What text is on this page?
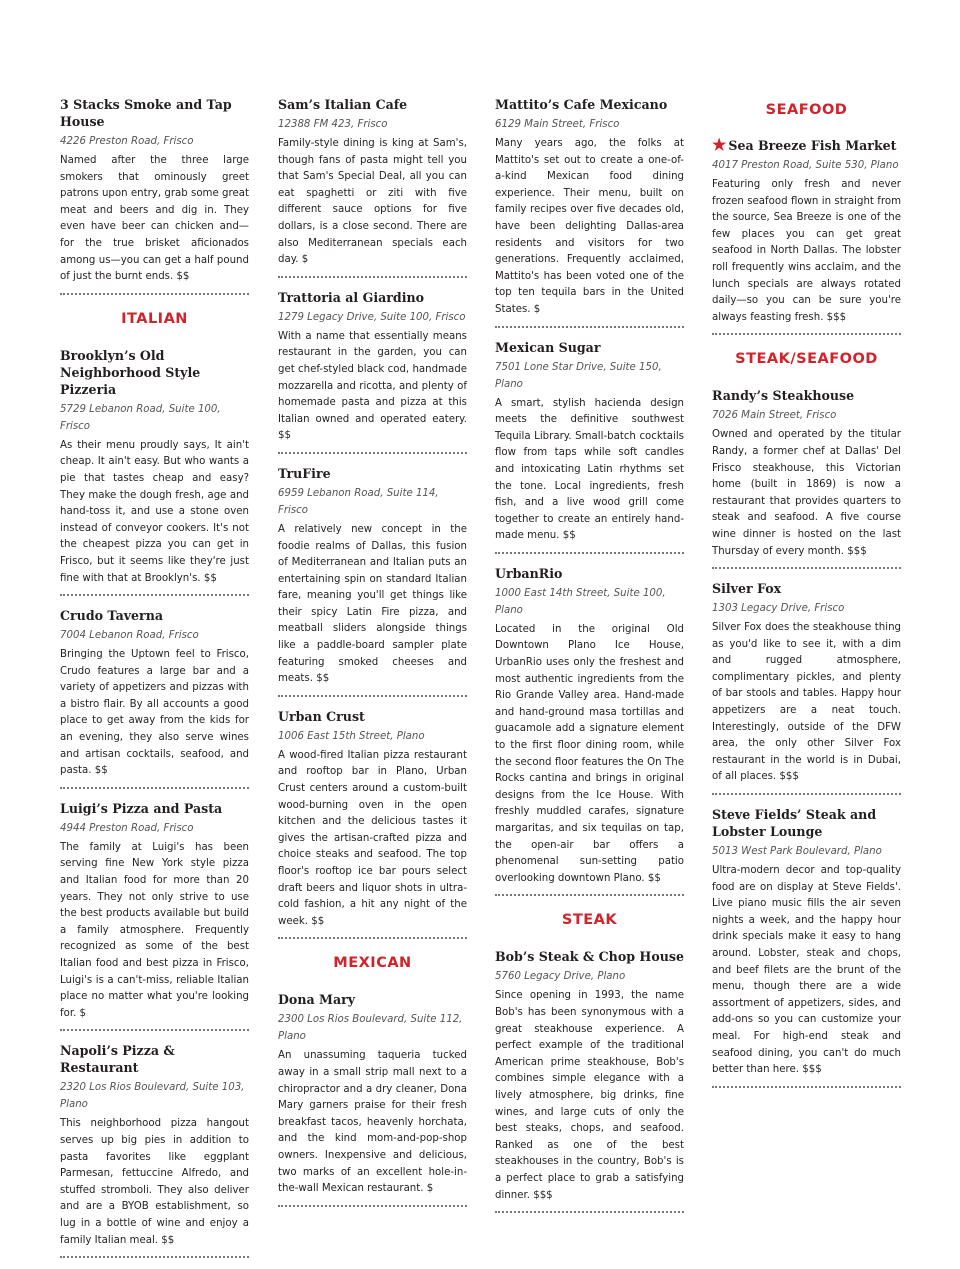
3 Stacks Smoke and Tap House

4226 Preston Road, Frisco

Named after the three large smokers that ominously greet patrons upon entry, grab some great meat and beers and dig in. They even have beer can chicken and—for the true brisket aficionados among us—you can get a half pound of just the burnt ends. $$

ITALIAN
Brooklyn’s Old Neighborhood Style Pizzeria

5729 Lebanon Road, Suite 100, Frisco

As their menu proudly says, It ain't cheap. It ain't easy. But who wants a pie that tastes cheap and easy? They make the dough fresh, age and hand-toss it, and use a stone oven instead of conveyor cookers. It's not the cheapest pizza you can get in Frisco, but it seems like they're just fine with that at Brooklyn's. $$

Crudo Taverna

7004 Lebanon Road, Frisco

Bringing the Uptown feel to Frisco, Crudo features a large bar and a variety of appetizers and pizzas with a bistro flair. By all accounts a good place to get away from the kids for an evening, they also serve wines and artisan cocktails, seafood, and pasta. $$

Luigi’s Pizza and Pasta

4944 Preston Road, Frisco

The family at Luigi's has been serving fine New York style pizza and Italian food for more than 20 years. They not only strive to use the best products available but build a family atmosphere. Frequently recognized as some of the best Italian food and best pizza in Frisco, Luigi's is a can't-miss, reliable Italian place no matter what you're looking for. $

Napoli’s Pizza & Restaurant

2320 Los Rios Boulevard, Suite 103, Plano

This neighborhood pizza hangout serves up big pies in addition to pasta favorites like eggplant Parmesan, fettuccine Alfredo, and stuffed stromboli. They also deliver and are a BYOB establishment, so lug in a bottle of wine and enjoy a family Italian meal. $$

Sam’s Italian Cafe

12388 FM 423, Frisco

Family-style dining is king at Sam's, though fans of pasta might tell you that Sam's Special Deal, all you can eat spaghetti or ziti with five different sauce options for five dollars, is a close second. There are also Mediterranean specials each day. $

Trattoria al Giardino

1279 Legacy Drive, Suite 100, Frisco

With a name that essentially means restaurant in the garden, you can get chef-styled black cod, handmade mozzarella and ricotta, and plenty of homemade pasta and pizza at this Italian owned and operated eatery. $$

TruFire

6959 Lebanon Road, Suite 114, Frisco

A relatively new concept in the foodie realms of Dallas, this fusion of Mediterranean and Italian puts an entertaining spin on standard Italian fare, meaning you'll get things like their spicy Latin Fire pizza, and meatball sliders alongside things like a paddle-board sampler plate featuring smoked cheeses and meats. $$

Urban Crust

1006 East 15th Street, Plano

A wood-fired Italian pizza restaurant and rooftop bar in Plano, Urban Crust centers around a custom-built wood-burning oven in the open kitchen and the delicious tastes it gives the artisan-crafted pizza and choice steaks and seafood. The top floor's rooftop ice bar pours select draft beers and liquor shots in ultra-cold fashion, a hit any night of the week. $$

MEXICAN
Dona Mary

2300 Los Rios Boulevard, Suite 112, Plano

An unassuming taqueria tucked away in a small strip mall next to a chiropractor and a dry cleaner, Dona Mary garners praise for their fresh breakfast tacos, heavenly horchata, and the kind mom-and-pop-shop owners. Inexpensive and delicious, two marks of an excellent hole-in-the-wall Mexican restaurant. $

Mattito’s Cafe Mexicano

6129 Main Street, Frisco

Many years ago, the folks at Mattito's set out to create a one-of-a-kind Mexican food dining experience. Their menu, built on family recipes over five decades old, have been delighting Dallas-area residents and visitors for two generations. Frequently acclaimed, Mattito's has been voted one of the top ten tequila bars in the United States. $

Mexican Sugar

7501 Lone Star Drive, Suite 150, Plano

A smart, stylish hacienda design meets the definitive southwest Tequila Library. Small-batch cocktails flow from taps while soft candles and intoxicating Latin rhythms set the tone. Local ingredients, fresh fish, and a live wood grill come together to create an entirely hand-made menu. $$

UrbanRio

1000 East 14th Street, Suite 100, Plano

Located in the original Old Downtown Plano Ice House, UrbanRio uses only the freshest and most authentic ingredients from the Rio Grande Valley area. Hand-made and hand-ground masa tortillas and guacamole add a signature element to the first floor dining room, while the second floor features the On The Rocks cantina and brings in original designs from the Ice House. With freshly muddled carafes, signature margaritas, and six tequilas on tap, the open-air bar offers a phenomenal sun-setting patio overlooking downtown Plano. $$

STEAK
Bob’s Steak & Chop House

5760 Legacy Drive, Plano

Since opening in 1993, the name Bob's has been synonymous with a great steakhouse experience. A perfect example of the traditional American prime steakhouse, Bob's combines simple elegance with a lively atmosphere, big drinks, fine wines, and large cuts of only the best steaks, chops, and seafood. Ranked as one of the best steakhouses in the country, Bob's is a perfect place to grab a satisfying dinner. $$$

SEAFOOD
★ Sea Breeze Fish Market

4017 Preston Road, Suite 530, Plano

Featuring only fresh and never frozen seafood flown in straight from the source, Sea Breeze is one of the few places you can get great seafood in North Dallas. The lobster roll frequently wins acclaim, and the lunch specials are always rotated daily—so you can be sure you're always feasting fresh. $$$

STEAK/SEAFOOD
Randy’s Steakhouse

7026 Main Street, Frisco

Owned and operated by the titular Randy, a former chef at Dallas' Del Frisco steakhouse, this Victorian home (built in 1869) is now a restaurant that provides quarters to steak and seafood. A five course wine dinner is hosted on the last Thursday of every month. $$$

Silver Fox

1303 Legacy Drive, Frisco

Silver Fox does the steakhouse thing as you'd like to see it, with a dim and rugged atmosphere, complimentary pickles, and plenty of bar stools and tables. Happy hour appetizers are a neat touch. Interestingly, outside of the DFW area, the only other Silver Fox restaurant in the world is in Dubai, of all places. $$$

Steve Fields’ Steak and Lobster Lounge

5013 West Park Boulevard, Plano

Ultra-modern decor and top-quality food are on display at Steve Fields'. Live piano music fills the air seven nights a week, and the happy hour drink specials make it easy to hang around. Lobster, steak and chops, and beef filets are the brunt of the menu, though there are a wide assortment of appetizers, sides, and add-ons so you can customize your meal. For high-end steak and seafood dining, you can't do much better than here. $$$
